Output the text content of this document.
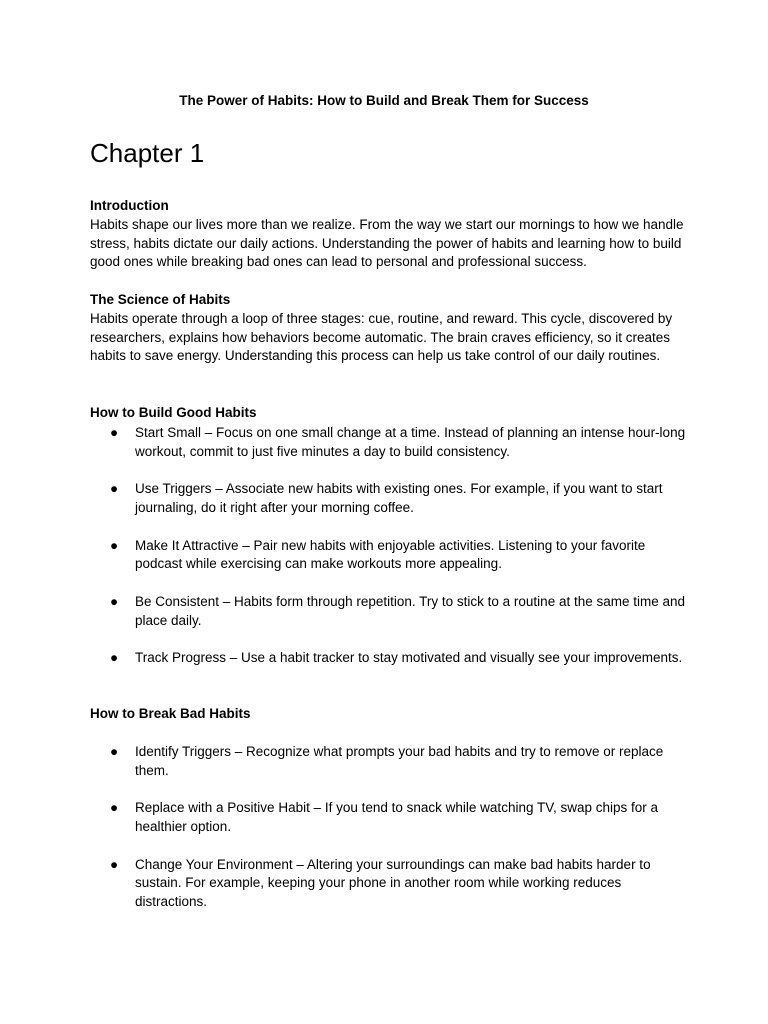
The Power of Habits: How to Build and Break Them for Success
Chapter 1
Introduction

Habits shape our lives more than we realize. From the way we start our mornings to how we handle stress, habits dictate our daily actions. Understanding the power of habits and learning how to build good ones while breaking bad ones can lead to personal and professional success.

The Science of Habits

Habits operate through a loop of three stages: cue, routine, and reward. This cycle, discovered by researchers, explains how behaviors become automatic. The brain craves efficiency, so it creates habits to save energy. Understanding this process can help us take control of our daily routines.

How to Build Good Habits
● Start Small – Focus on one small change at a time. Instead of planning an intense hour-long workout, commit to just five minutes a day to build consistency.
● Use Triggers – Associate new habits with existing ones. For example, if you want to start journaling, do it right after your morning coffee.
● Make It Attractive – Pair new habits with enjoyable activities. Listening to your favorite podcast while exercising can make workouts more appealing.
● Be Consistent – Habits form through repetition. Try to stick to a routine at the same time and place daily.
● Track Progress – Use a habit tracker to stay motivated and visually see your improvements.
How to Break Bad Habits
● Identify Triggers – Recognize what prompts your bad habits and try to remove or replace them.
● Replace with a Positive Habit – If you tend to snack while watching TV, swap chips for a healthier option.
● Change Your Environment – Altering your surroundings can make bad habits harder to sustain. For example, keeping your phone in another room while working reduces distractions.
